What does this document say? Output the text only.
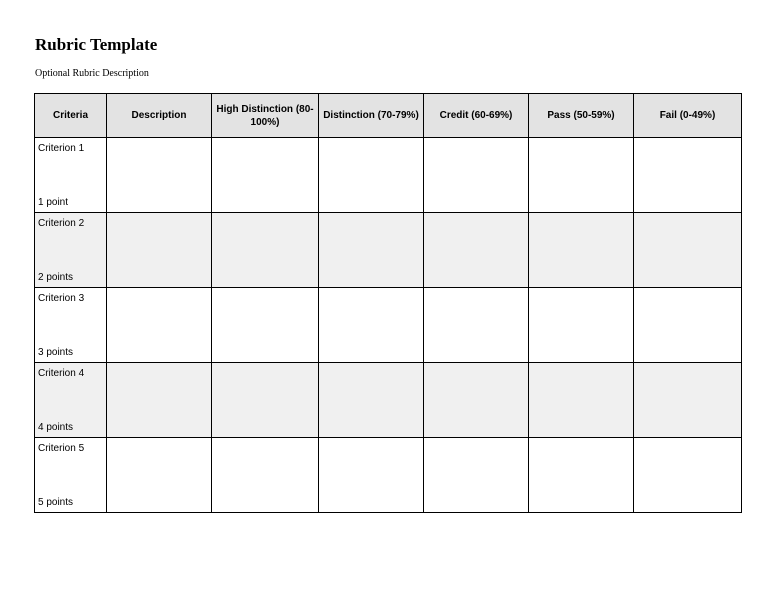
Rubric Template

Optional Rubric Description

Criteria	Description	High Distinction (80-100%)	Distinction (70-79%)	Credit (60-69%)	Pass (50-59%)	Fail (0-49%)

Criterion 1
1 point						

Criterion 2
2 points						

Criterion 3
3 points						

Criterion 4
4 points						

Criterion 5
5 points						
